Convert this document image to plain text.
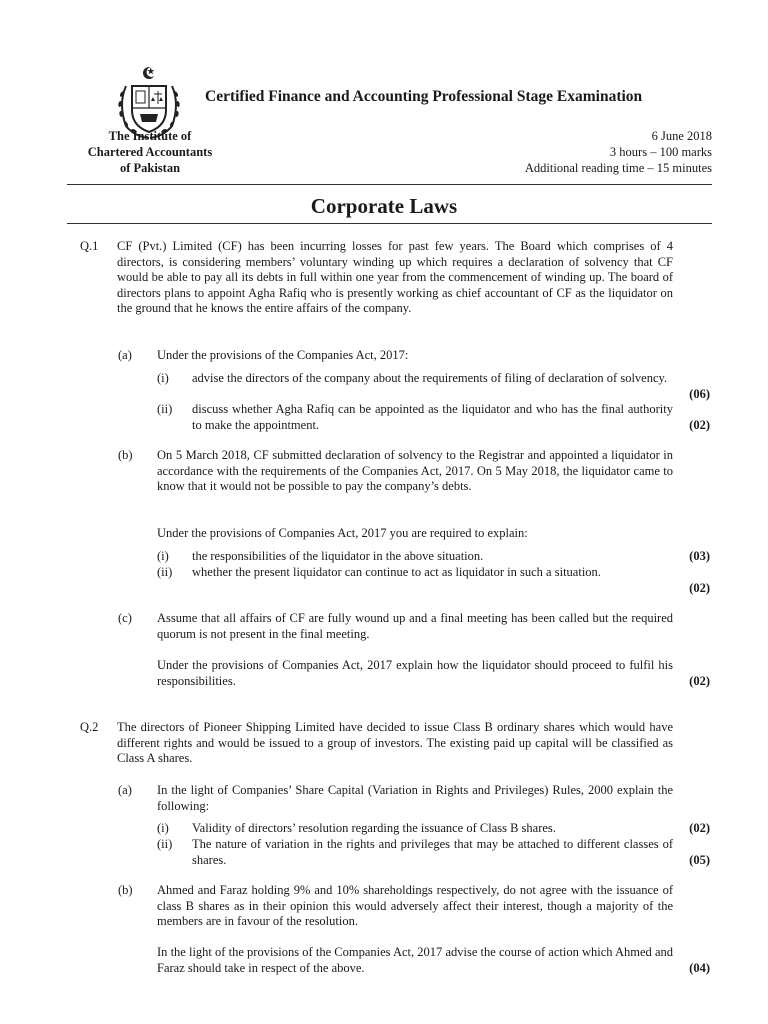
Certified Finance and Accounting Professional Stage Examination
The Institute of
Chartered Accountants
of Pakistan
6 June 2018
3 hours – 100 marks
Additional reading time – 15 minutes
Corporate Laws
Q.1 CF (Pvt.) Limited (CF) has been incurring losses for past few years. The Board which comprises of 4 directors, is considering members’ voluntary winding up which requires a declaration of solvency that CF would be able to pay all its debts in full within one year from the commencement of winding up. The board of directors plans to appoint Agha Rafiq who is presently working as chief accountant of CF as the liquidator on the ground that he knows the entire affairs of the company.
(a) Under the provisions of the Companies Act, 2017:
(i) advise the directors of the company about the requirements of filing of declaration of solvency.
(06)
(ii) discuss whether Agha Rafiq can be appointed as the liquidator and who has the final authority to make the appointment.	(02)
(b) On 5 March 2018, CF submitted declaration of solvency to the Registrar and appointed a liquidator in accordance with the requirements of the Companies Act, 2017. On 5 May 2018, the liquidator came to know that it would not be possible to pay the company’s debts.
Under the provisions of Companies Act, 2017 you are required to explain:
(i) the responsibilities of the liquidator in the above situation.	(03)
(ii) whether the present liquidator can continue to act as liquidator in such a situation.
(02)
(c) Assume that all affairs of CF are fully wound up and a final meeting has been called but the required quorum is not present in the final meeting.
Under the provisions of Companies Act, 2017 explain how the liquidator should proceed to fulfil his responsibilities.	(02)
Q.2 The directors of Pioneer Shipping Limited have decided to issue Class B ordinary shares which would have different rights and would be issued to a group of investors. The existing paid up capital will be classified as Class A shares.
(a) In the light of Companies’ Share Capital (Variation in Rights and Privileges) Rules, 2000 explain the following:
(i) Validity of directors’ resolution regarding the issuance of Class B shares.	(02)
(ii) The nature of variation in the rights and privileges that may be attached to different classes of shares.	(05)
(b) Ahmed and Faraz holding 9% and 10% shareholdings respectively, do not agree with the issuance of class B shares as in their opinion this would adversely affect their interest, though a majority of the members are in favour of the resolution.
In the light of the provisions of the Companies Act, 2017 advise the course of action which Ahmed and Faraz should take in respect of the above.	(04)
